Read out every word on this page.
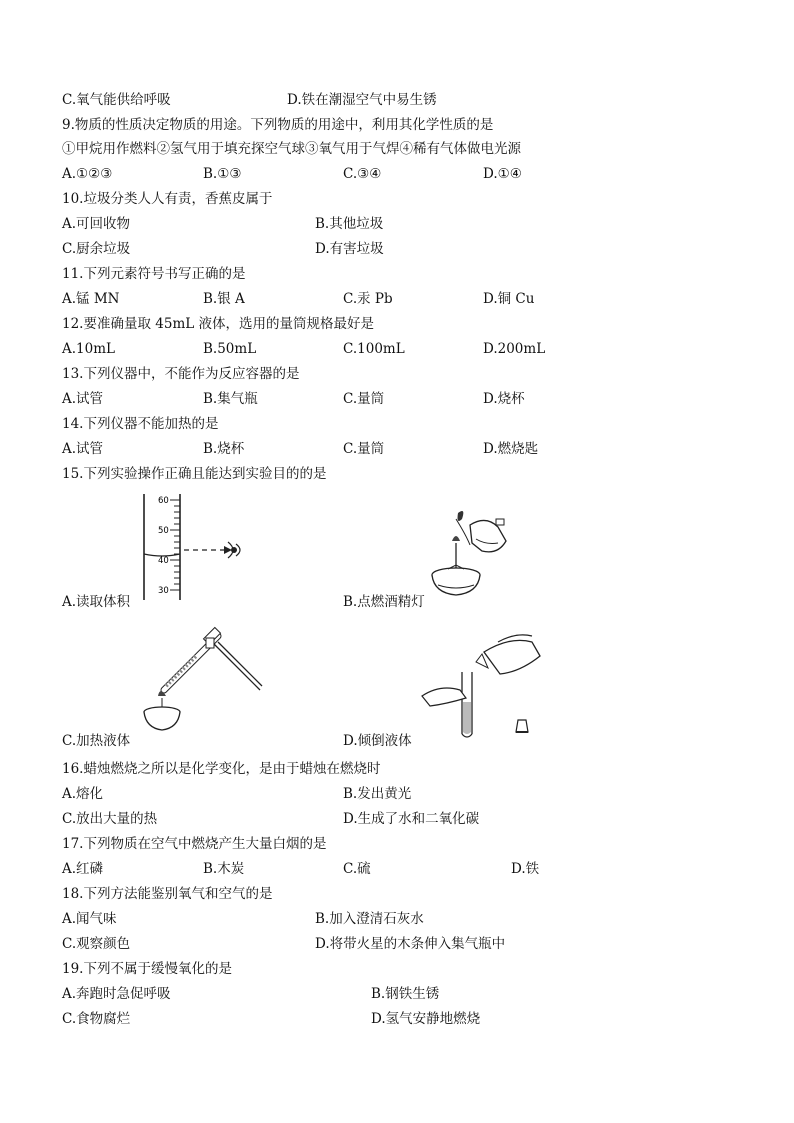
C.氧气能供给呼吸	D.铁在潮湿空气中易生锈
9.物质的性质决定物质的用途。下列物质的用途中，利用其化学性质的是
①甲烷用作燃料②氢气用于填充探空气球③氧气用于气焊④稀有气体做电光源
A.①②③	B.①③	C.③④	D.①④
10.垃圾分类人人有责，香蕉皮属于
A.可回收物	B.其他垃圾
C.厨余垃圾	D.有害垃圾
11.下列元素符号书写正确的是
A.锰 MN	B.银 A	C.汞 Pb	D.铜 Cu
12.要准确量取 45mL 液体，选用的量筒规格最好是
A.10mL	B.50mL	C.100mL	D.200mL
13.下列仪器中，不能作为反应容器的是
A.试管	B.集气瓶	C.量筒	D.烧杯
14.下列仪器不能加热的是
A.试管	B.烧杯	C.量筒	D.燃烧匙
15.下列实验操作正确且能达到实验目的的是
60
50
40
30
A.读取体积	B.点燃酒精灯
C.加热液体	D.倾倒液体
16.蜡烛燃烧之所以是化学变化，是由于蜡烛在燃烧时
A.熔化	B.发出黄光
C.放出大量的热	D.生成了水和二氧化碳
17.下列物质在空气中燃烧产生大量白烟的是
A.红磷	B.木炭	C.硫	D.铁
18.下列方法能鉴别氧气和空气的是
A.闻气味	B.加入澄清石灰水
C.观察颜色	D.将带火星的木条伸入集气瓶中
19.下列不属于缓慢氧化的是
A.奔跑时急促呼吸	B.钢铁生锈
C.食物腐烂	D.氢气安静地燃烧
